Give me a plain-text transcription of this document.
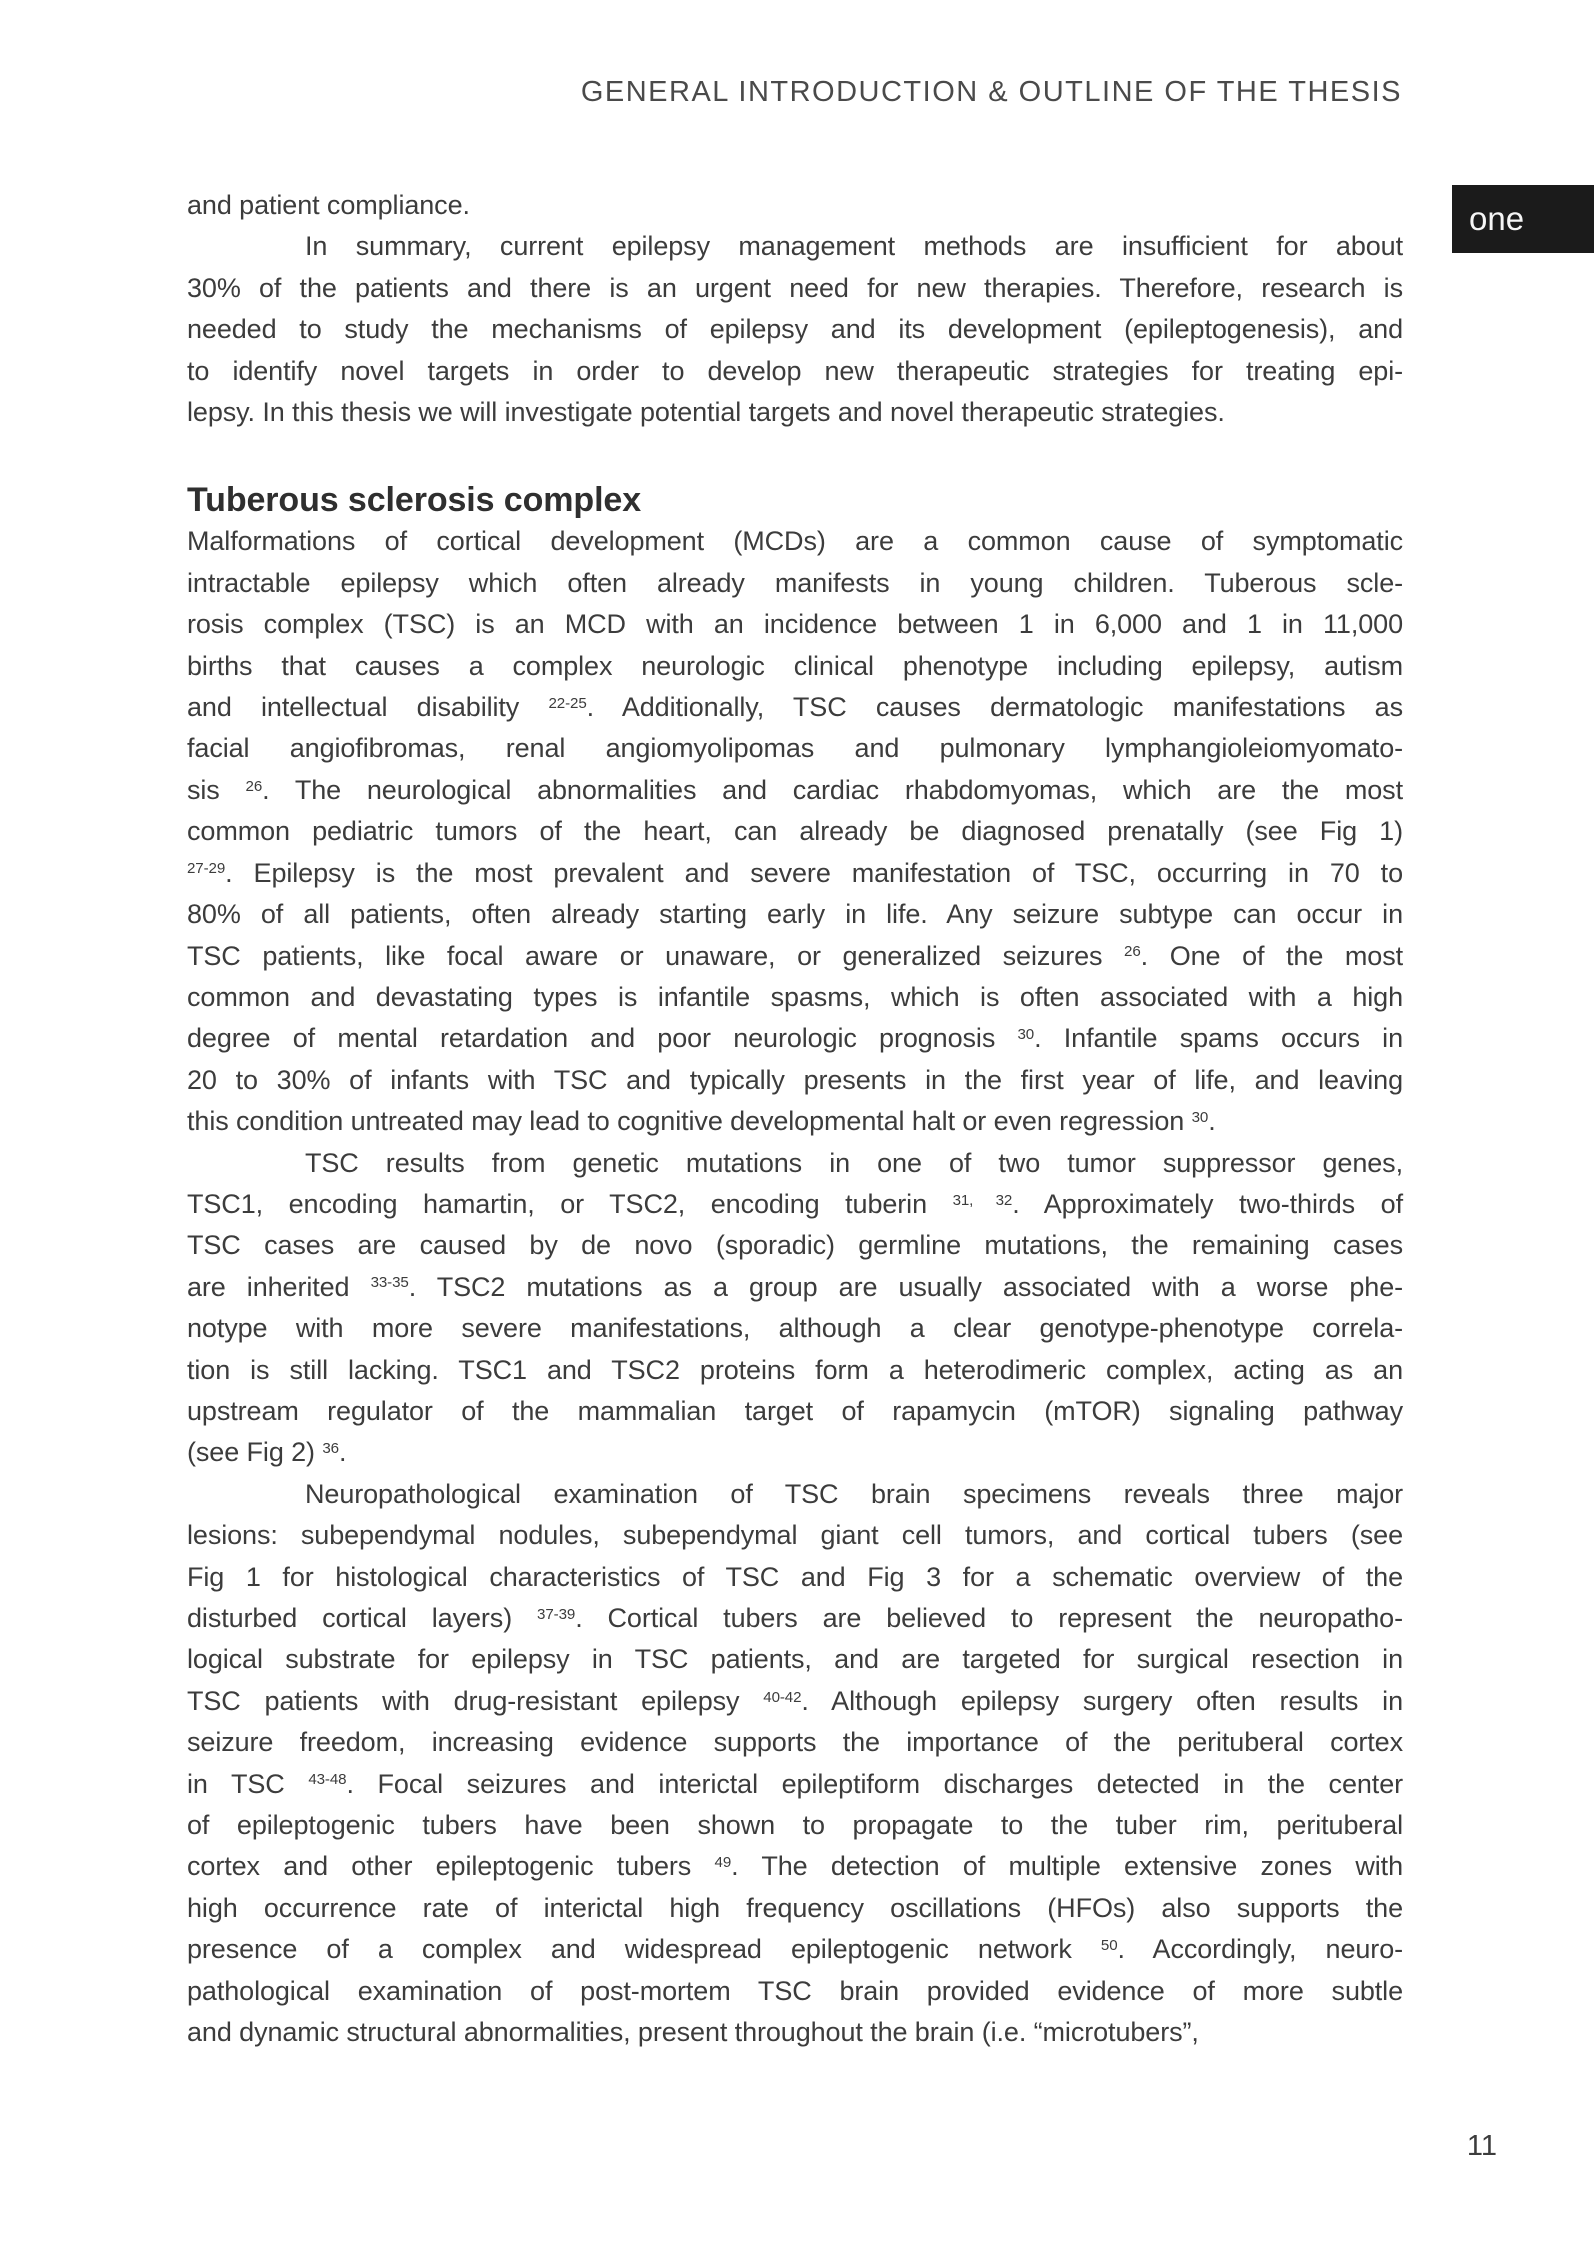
GENERAL INTRODUCTION & OUTLINE OF THE THESIS
one
and patient compliance.
In summary, current epilepsy management methods are insufficient for about
30% of the patients and there is an urgent need for new therapies. Therefore, research is
needed to study the mechanisms of epilepsy and its development (epileptogenesis), and
to identify novel targets in order to develop new therapeutic strategies for treating epi-
lepsy. In this thesis we will investigate potential targets and novel therapeutic strategies.
Tuberous sclerosis complex
Malformations of cortical development (MCDs) are a common cause of symptomatic
intractable epilepsy which often already manifests in young children. Tuberous scle-
rosis complex (TSC) is an MCD with an incidence between 1 in 6,000 and 1 in 11,000
births that causes a complex neurologic clinical phenotype including epilepsy, autism
and intellectual disability $^{22-25}$. Additionally, TSC causes dermatologic manifestations as
facial angiofibromas, renal angiomyolipomas and pulmonary lymphangioleiomyomato-
sis $^{26}$. The neurological abnormalities and cardiac rhabdomyomas, which are the most
common pediatric tumors of the heart, can already be diagnosed prenatally (see Fig 1)
$^{27-29}$. Epilepsy is the most prevalent and severe manifestation of TSC, occurring in 70 to
80% of all patients, often already starting early in life. Any seizure subtype can occur in
TSC patients, like focal aware or unaware, or generalized seizures $^{26}$. One of the most
common and devastating types is infantile spasms, which is often associated with a high
degree of mental retardation and poor neurologic prognosis $^{30}$. Infantile spams occurs in
20 to 30% of infants with TSC and typically presents in the first year of life, and leaving
this condition untreated may lead to cognitive developmental halt or even regression $^{30}$.
TSC results from genetic mutations in one of two tumor suppressor genes,
TSC1, encoding hamartin, or TSC2, encoding tuberin $^{31, 32}$. Approximately two-thirds of
TSC cases are caused by de novo (sporadic) germline mutations, the remaining cases
are inherited $^{33-35}$. TSC2 mutations as a group are usually associated with a worse phe-
notype with more severe manifestations, although a clear genotype-phenotype correla-
tion is still lacking. TSC1 and TSC2 proteins form a heterodimeric complex, acting as an
upstream regulator of the mammalian target of rapamycin (mTOR) signaling pathway
(see Fig 2) $^{36}$.
Neuropathological examination of TSC brain specimens reveals three major
lesions: subependymal nodules, subependymal giant cell tumors, and cortical tubers (see
Fig 1 for histological characteristics of TSC and Fig 3 for a schematic overview of the
disturbed cortical layers) $^{37-39}$. Cortical tubers are believed to represent the neuropatho-
logical substrate for epilepsy in TSC patients, and are targeted for surgical resection in
TSC patients with drug-resistant epilepsy $^{40-42}$. Although epilepsy surgery often results in
seizure freedom, increasing evidence supports the importance of the perituberal cortex
in TSC $^{43-48}$. Focal seizures and interictal epileptiform discharges detected in the center
of epileptogenic tubers have been shown to propagate to the tuber rim, perituberal
cortex and other epileptogenic tubers $^{49}$. The detection of multiple extensive zones with
high occurrence rate of interictal high frequency oscillations (HFOs) also supports the
presence of a complex and widespread epileptogenic network $^{50}$. Accordingly, neuro-
pathological examination of post-mortem TSC brain provided evidence of more subtle
and dynamic structural abnormalities, present throughout the brain (i.e. “microtubers”,
11
